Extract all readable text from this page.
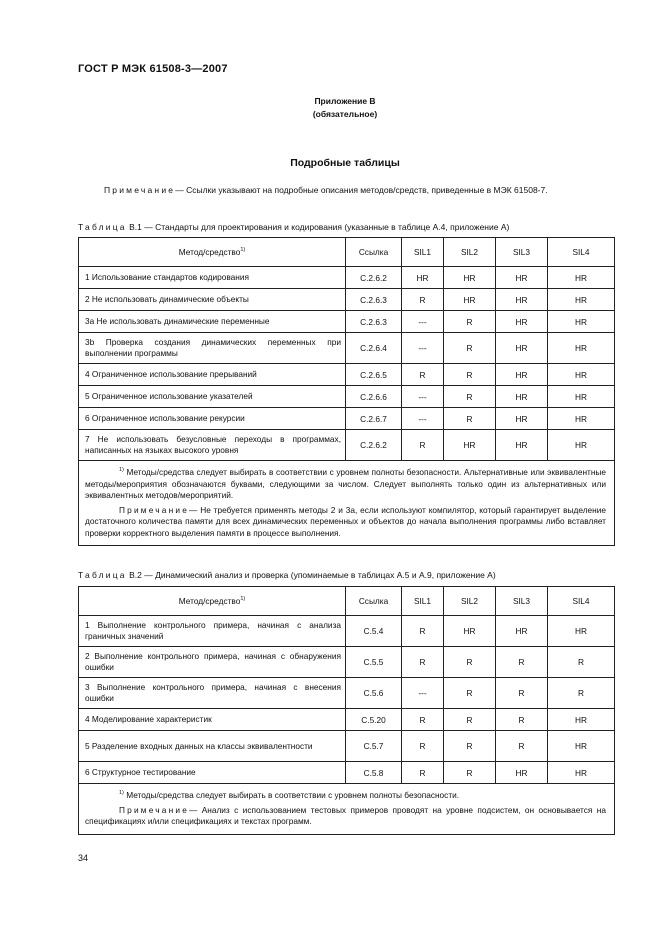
ГОСТ Р МЭК 61508-3—2007
Приложение В
(обязательное)
Подробные таблицы
Примечание— Ссылки указывают на подробные описания методов/средств, приведенные в МЭК 61508-7.
Таблица В.1 — Стандарты для проектирования и кодирования (указанные в таблице А.4, приложение А)
Метод/средство$^{1)}$	Ссылка	SIL1	SIL2	SIL3	SIL4
1 Использование стандартов кодирования	C.2.6.2	HR	HR	HR	HR
2 Не использовать динамические объекты	C.2.6.3	R	HR	HR	HR
3а Не использовать динамические переменные	C.2.6.3	---	R	HR	HR
3b Проверка создания динамических переменных при выполнении программы	C.2.6.4	---	R	HR	HR
4 Ограниченное использование прерываний	C.2.6.5	R	R	HR	HR
5 Ограниченное использование указателей	C.2.6.6	---	R	HR	HR
6 Ограниченное использование рекурсии	C.2.6.7	---	R	HR	HR
7 Не использовать безусловные переходы в программах, написанных на языках высокого уровня	C.2.6.2	R	HR	HR	HR

$^{1)}$ Методы/средства следует выбирать в соответствии с уровнем полноты безопасности. Альтернативные или эквивалентные методы/мероприятия обозначаются буквами, следующими за числом. Следует выполнять только один из альтернативных или эквивалентных методов/мероприятий.
Примечание— Не требуется применять методы 2 и 3а, если используют компилятор, который гарантирует выделение достаточного количества памяти для всех динамических переменных и объектов до начала выполнения программы либо вставляет проверки корректного выделения памяти в процессе выполнения.					
Таблица В.2 — Динамический анализ и проверка (упоминаемые в таблицах А.5 и А.9, приложение А)
Метод/средство$^{1)}$	Ссылка	SIL1	SIL2	SIL3	SIL4
1 Выполнение контрольного примера, начиная с анализа граничных значений	C.5.4	R	HR	HR	HR
2 Выполнение контрольного примера, начиная с обнаружения ошибки	C.5.5	R	R	R	R
3 Выполнение контрольного примера, начиная с внесения ошибки	C.5.6	---	R	R	R
4 Моделирование характеристик	C.5.20	R	R	R	HR
5 Разделение входных данных на классы эквивалентности	C.5.7	R	R	R	HR
6 Структурное тестирование	C.5.8	R	R	HR	HR

$^{1)}$ Методы/средства следует выбирать в соответствии с уровнем полноты безопасности.
Примечание— Анализ с использованием тестовых примеров проводят на уровне подсистем, он основывается на спецификациях и/или спецификациях и текстах программ.					
34
